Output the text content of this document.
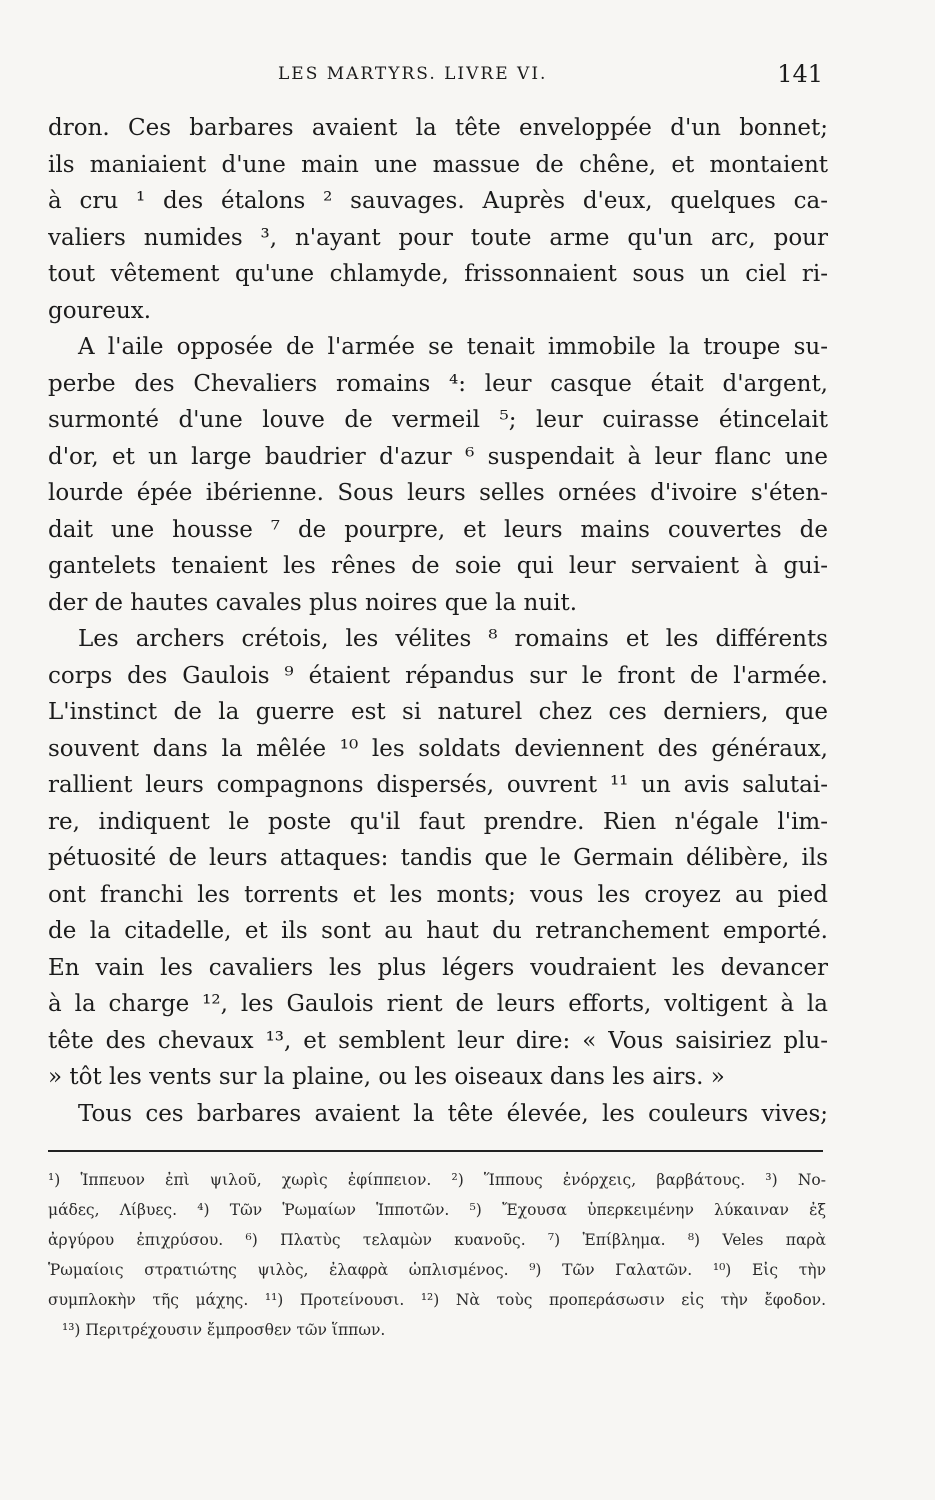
LES MARTYRS. LIVRE VI.	141
dron. Ces barbares avaient la tête enveloppée d'un bonnet;
ils maniaient d'une main une massue de chêne, et montaient
à cru ¹ des étalons ² sauvages. Auprès d'eux, quelques ca-
valiers numides ³, n'ayant pour toute arme qu'un arc, pour
tout vêtement qu'une chlamyde, frissonnaient sous un ciel ri-
goureux.
A l'aile opposée de l'armée se tenait immobile la troupe su-
perbe des Chevaliers romains ⁴: leur casque était d'argent,
surmonté d'une louve de vermeil ⁵; leur cuirasse étincelait
d'or, et un large baudrier d'azur ⁶ suspendait à leur flanc une
lourde épée ibérienne. Sous leurs selles ornées d'ivoire s'éten-
dait une housse ⁷ de pourpre, et leurs mains couvertes de
gantelets tenaient les rênes de soie qui leur servaient à gui-
der de hautes cavales plus noires que la nuit.
Les archers crétois, les vélites ⁸ romains et les différents
corps des Gaulois ⁹ étaient répandus sur le front de l'armée.
L'instinct de la guerre est si naturel chez ces derniers, que
souvent dans la mêlée ¹⁰ les soldats deviennent des généraux,
rallient leurs compagnons dispersés, ouvrent ¹¹ un avis salutai-
re, indiquent le poste qu'il faut prendre. Rien n'égale l'im-
pétuosité de leurs attaques: tandis que le Germain délibère, ils
ont franchi les torrents et les monts; vous les croyez au pied
de la citadelle, et ils sont au haut du retranchement emporté.
En vain les cavaliers les plus légers voudraient les devancer
à la charge ¹², les Gaulois rient de leurs efforts, voltigent à la
tête des chevaux ¹³, et semblent leur dire: « Vous saisiriez plu-
» tôt les vents sur la plaine, ou les oiseaux dans les airs. »
Tous ces barbares avaient la tête élevée, les couleurs vives;
¹) Ἱππευον ἐπὶ ψιλοῦ, χωρὶς ἐφίππειον. ²) Ἵππους ἐνόρχεις, βαρβάτους. ³) Νο-
μάδες, Λίβυες. ⁴) Τῶν Ῥωμαίων Ἱπποτῶν. ⁵) Ἔχουσα ὑπερκειμένην λύκαιναν ἐξ
ἀργύρου ἐπιχρύσου. ⁶) Πλατὺς τελαμὼν κυανοῦς. ⁷) Ἐπίβλημα. ⁸) Veles παρὰ
Ῥωμαίοις στρατιώτης ψιλὸς, ἐλαφρὰ ὡπλισμένος. ⁹) Τῶν Γαλατῶν. ¹⁰) Εἰς τὴν
συμπλοκὴν τῆς μάχης. ¹¹) Προτείνουσι. ¹²) Νὰ τοὺς προπεράσωσιν εἰς τὴν ἔφοδον.
¹³) Περιτρέχουσιν ἔμπροσθεν τῶν ἵππων.
